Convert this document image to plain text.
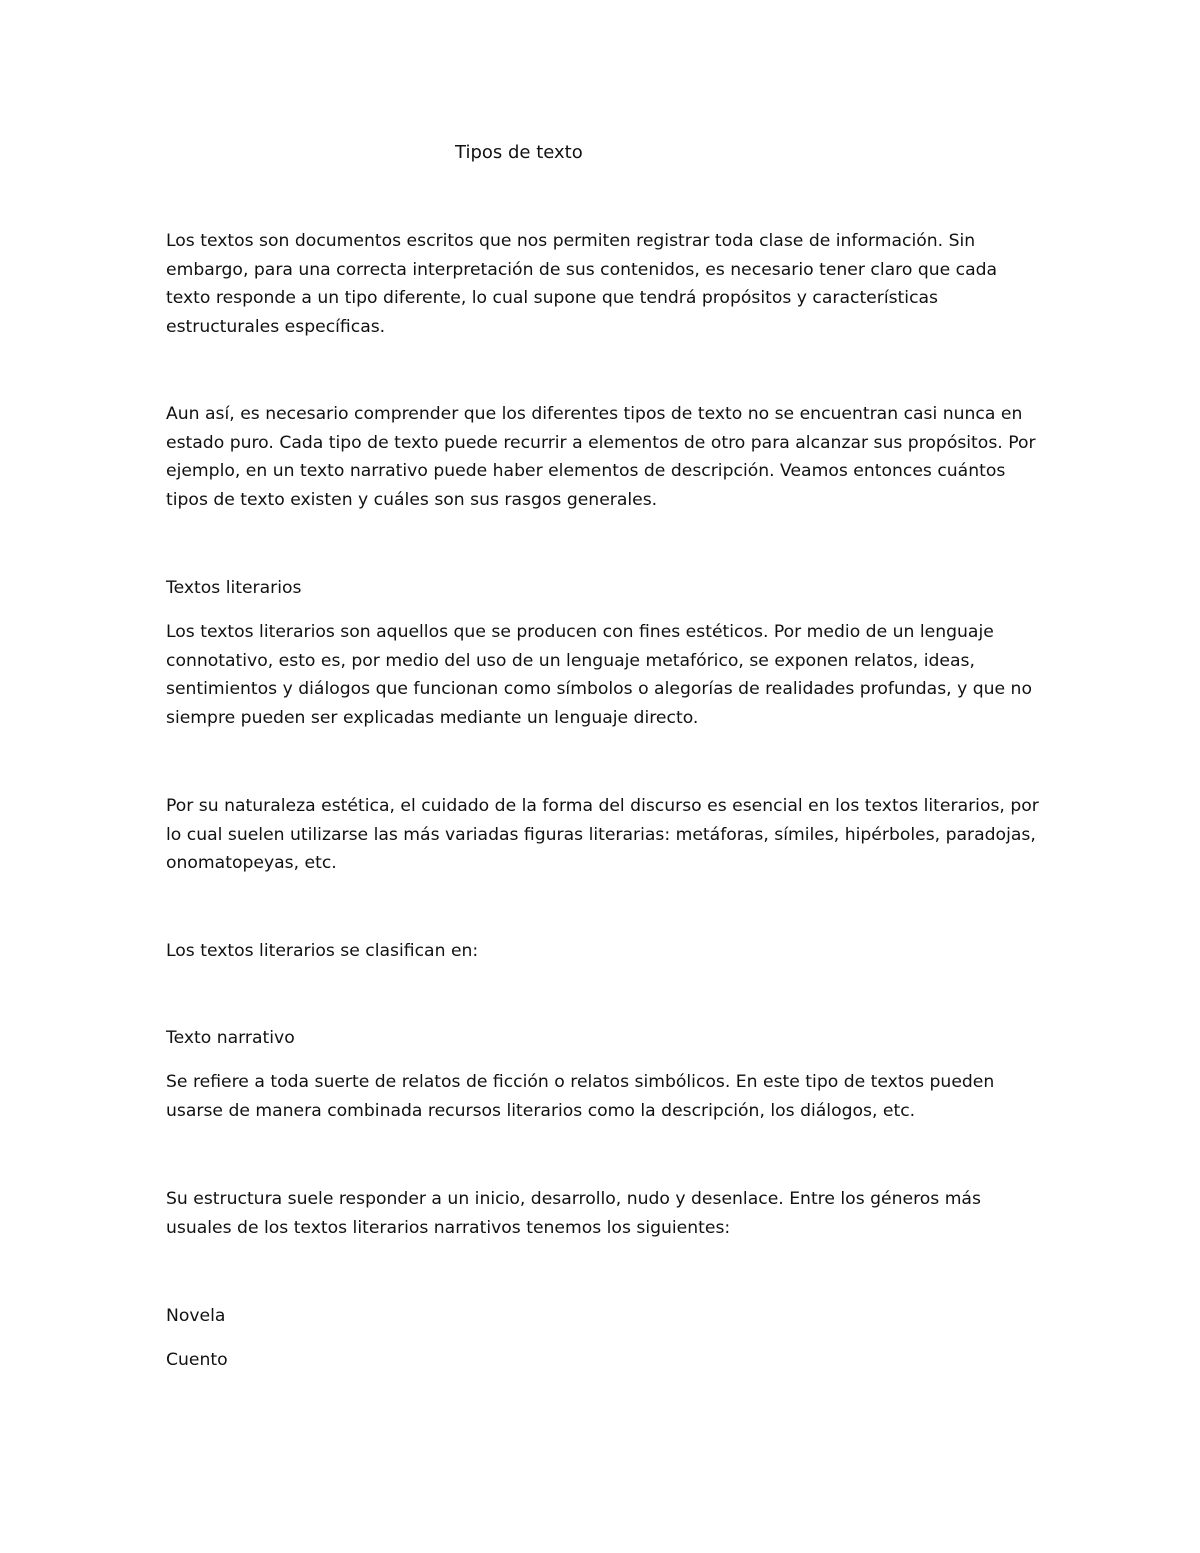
Tipos de texto

Los textos son documentos escritos que nos permiten registrar toda clase de información. Sin embargo, para una correcta interpretación de sus contenidos, es necesario tener claro que cada texto responde a un tipo diferente, lo cual supone que tendrá propósitos y características estructurales específicas.

Aun así, es necesario comprender que los diferentes tipos de texto no se encuentran casi nunca en estado puro. Cada tipo de texto puede recurrir a elementos de otro para alcanzar sus propósitos. Por ejemplo, en un texto narrativo puede haber elementos de descripción. Veamos entonces cuántos tipos de texto existen y cuáles son sus rasgos generales.

Textos literarios

Los textos literarios son aquellos que se producen con fines estéticos. Por medio de un lenguaje connotativo, esto es, por medio del uso de un lenguaje metafórico, se exponen relatos, ideas, sentimientos y diálogos que funcionan como símbolos o alegorías de realidades profundas, y que no siempre pueden ser explicadas mediante un lenguaje directo.

Por su naturaleza estética, el cuidado de la forma del discurso es esencial en los textos literarios, por lo cual suelen utilizarse las más variadas figuras literarias: metáforas, símiles, hipérboles, paradojas, onomatopeyas, etc.

Los textos literarios se clasifican en:

Texto narrativo

Se refiere a toda suerte de relatos de ficción o relatos simbólicos. En este tipo de textos pueden usarse de manera combinada recursos literarios como la descripción, los diálogos, etc.

Su estructura suele responder a un inicio, desarrollo, nudo y desenlace. Entre los géneros más usuales de los textos literarios narrativos tenemos los siguientes:

Novela

Cuento
